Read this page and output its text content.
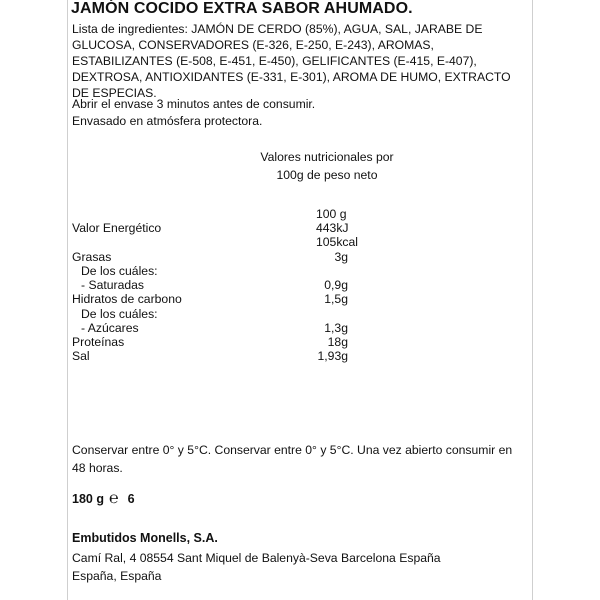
JAMÓN COCIDO EXTRA SABOR AHUMADO.
Lista de ingredientes: JAMÓN DE CERDO (85%), AGUA, SAL, JARABE DE GLUCOSA, CONSERVADORES (E-326, E-250, E-243), AROMAS, ESTABILIZANTES (E-508, E-451, E-450), GELIFICANTES (E-415, E-407), DEXTROSA, ANTIOXIDANTES (E-331, E-301), AROMA DE HUMO, EXTRACTO DE ESPECIAS.
Abrir el envase 3 minutos antes de consumir.
Envasado en atmósfera protectora.
Valores nutricionales por
100g de peso neto
100 g
Valor Energético	443kJ
105kcal
Grasas	3g
De los cuáles:
- Saturadas	0,9g
Hidratos de carbono	1,5g
De los cuáles:
- Azúcares	1,3g
Proteínas	18g
Sal	1,93g
Conservar entre 0° y 5°C. Conservar entre 0° y 5°C. Una vez abierto consumir en 48 horas.
180 g ℮ 6
Embutidos Monells, S.A.
Camí Ral, 4 08554 Sant Miquel de Balenyà-Seva Barcelona España
España, España
